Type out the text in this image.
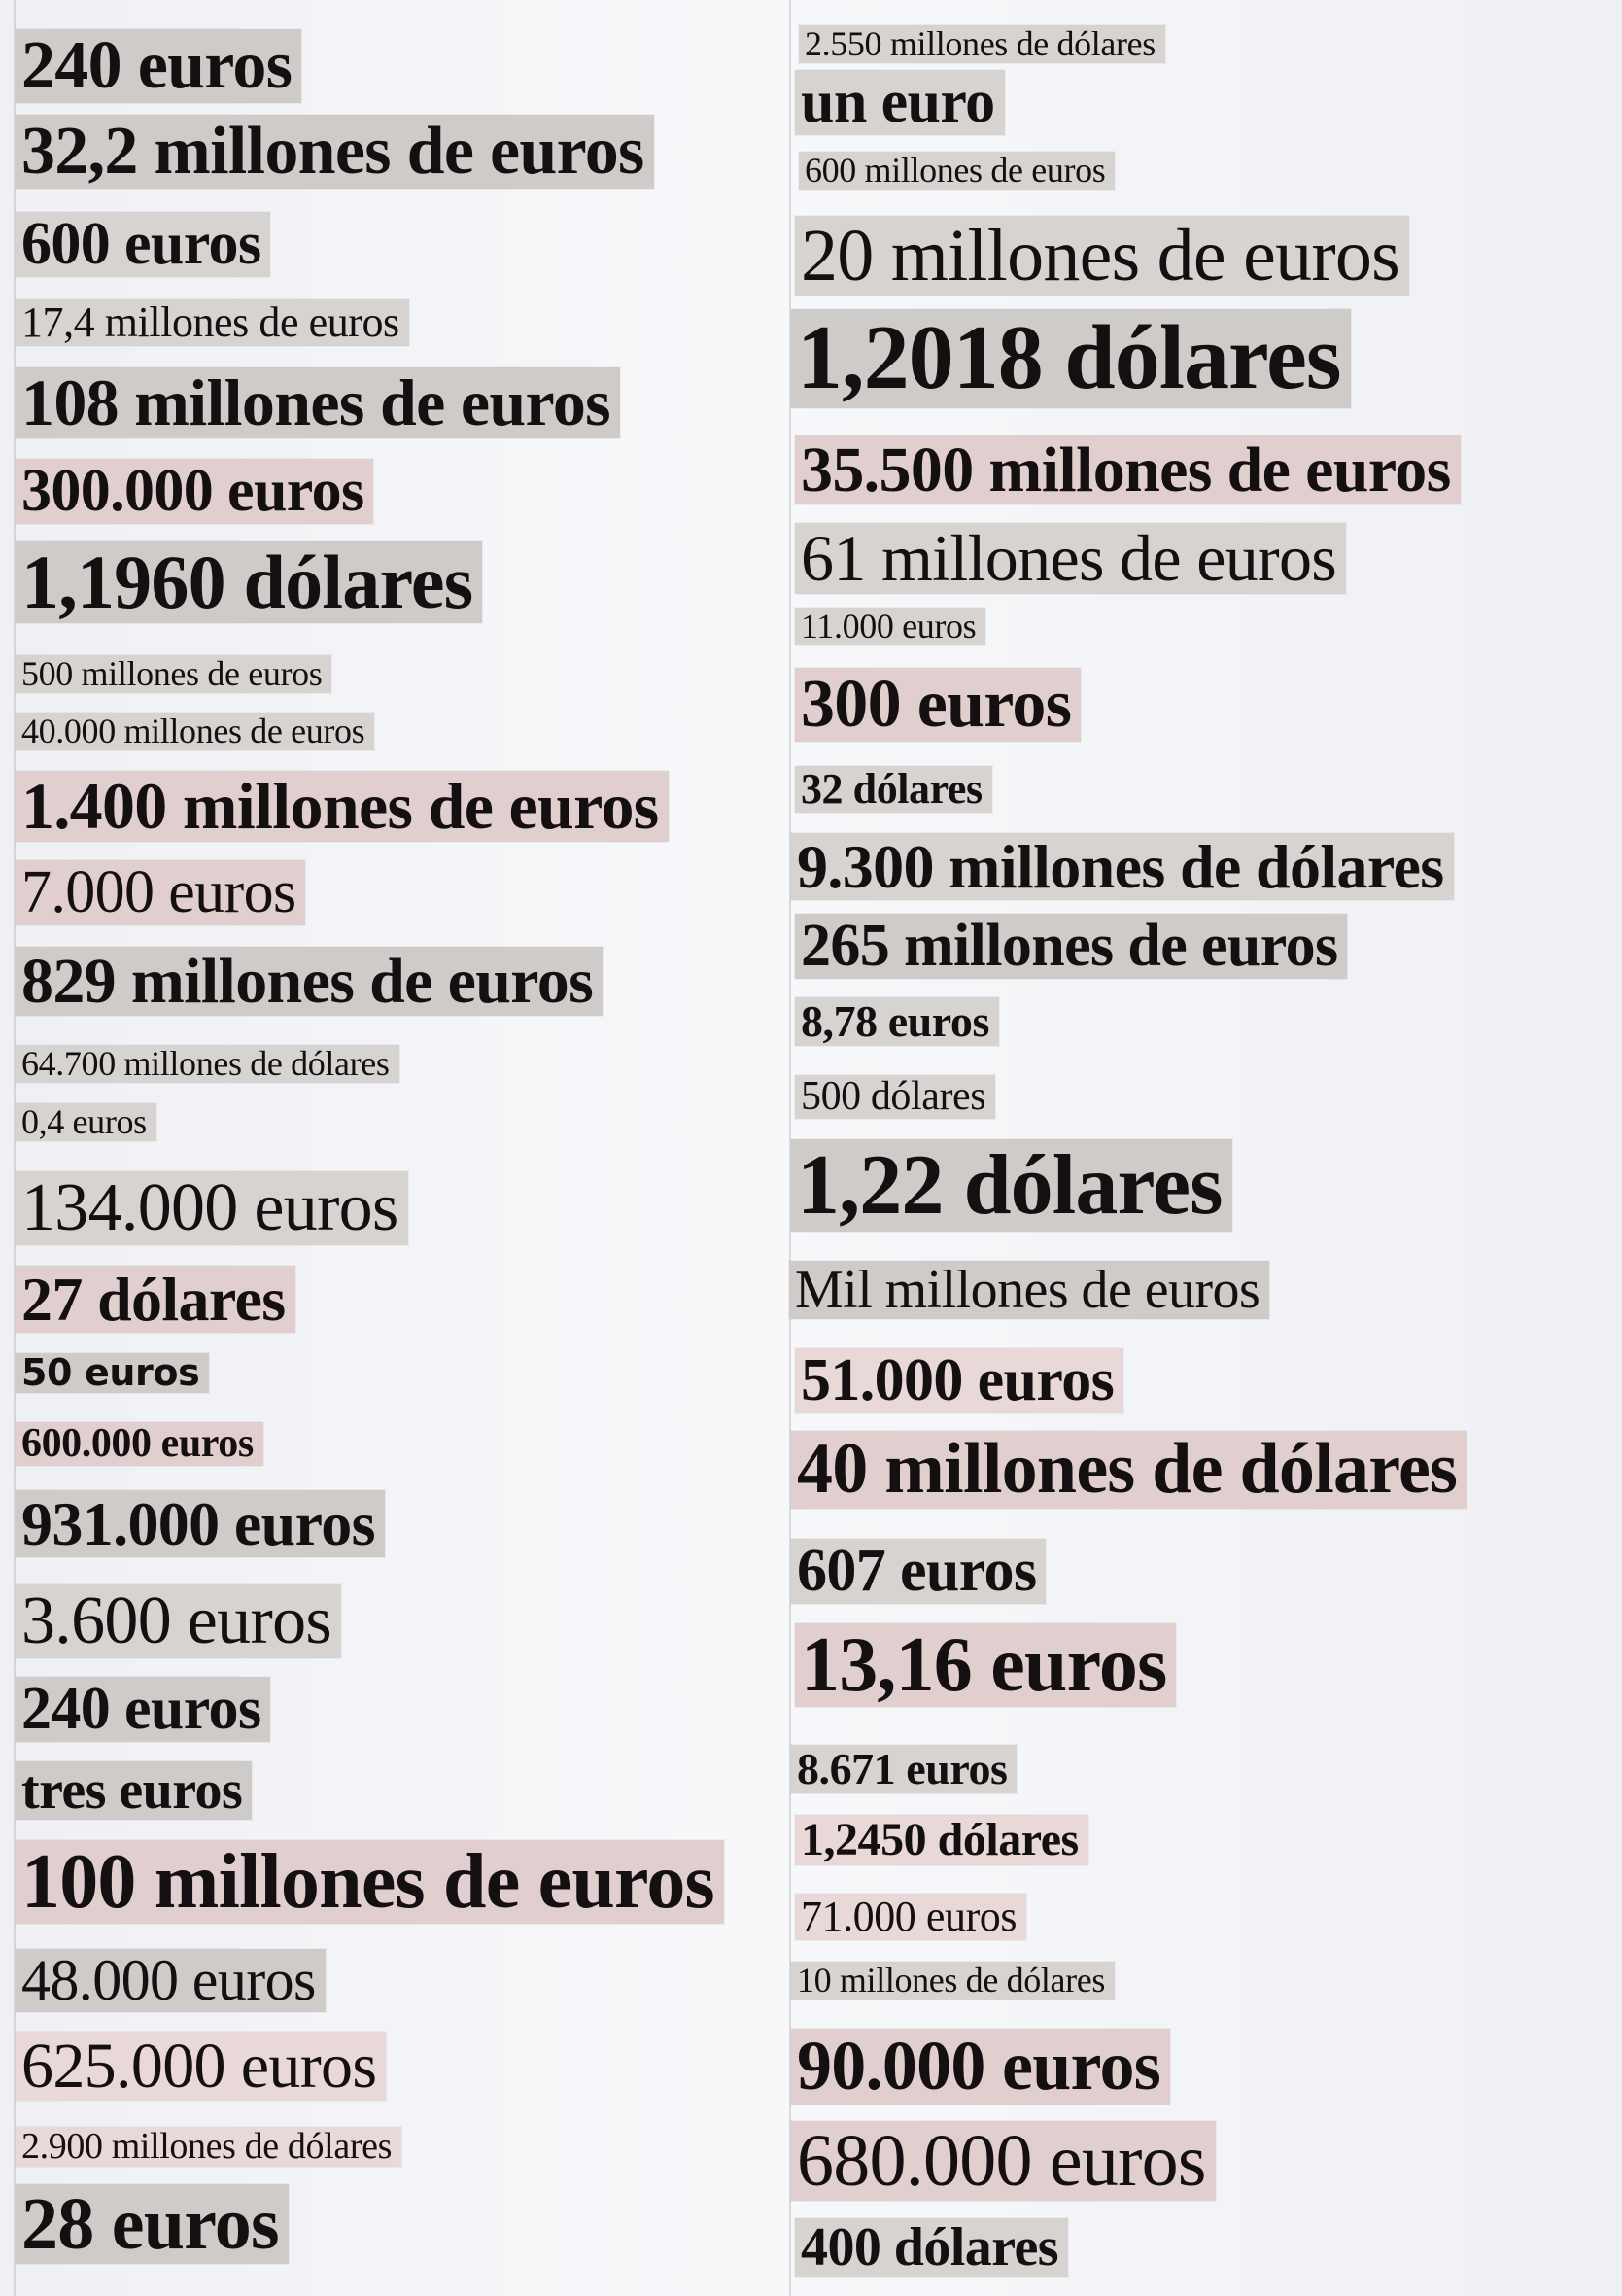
240 euros
32,2 millones de euros
600 euros
17,4 millones de euros
108 millones de euros
300.000 euros
1,1960 dólares
500 millones de euros
40.000 millones de euros
1.400 millones de euros
7.000 euros
829 millones de euros
64.700 millones de dólares
0,4 euros
134.000 euros
27 dólares
50 euros
600.000 euros
931.000 euros
3.600 euros
240 euros
tres euros
100 millones de euros
48.000 euros
625.000 euros
2.900 millones de dólares
28 euros
2.550 millones de dólares
un euro
600 millones de euros
20 millones de euros
1,2018 dólares
35.500 millones de euros
61 millones de euros
11.000 euros
300 euros
32 dólares
9.300 millones de dólares
265 millones de euros
8,78 euros
500 dólares
1,22 dólares
Mil millones de euros
51.000 euros
40 millones de dólares
607 euros
13,16 euros
8.671 euros
1,2450 dólares
71.000 euros
10 millones de dólares
90.000 euros
680.000 euros
400 dólares
